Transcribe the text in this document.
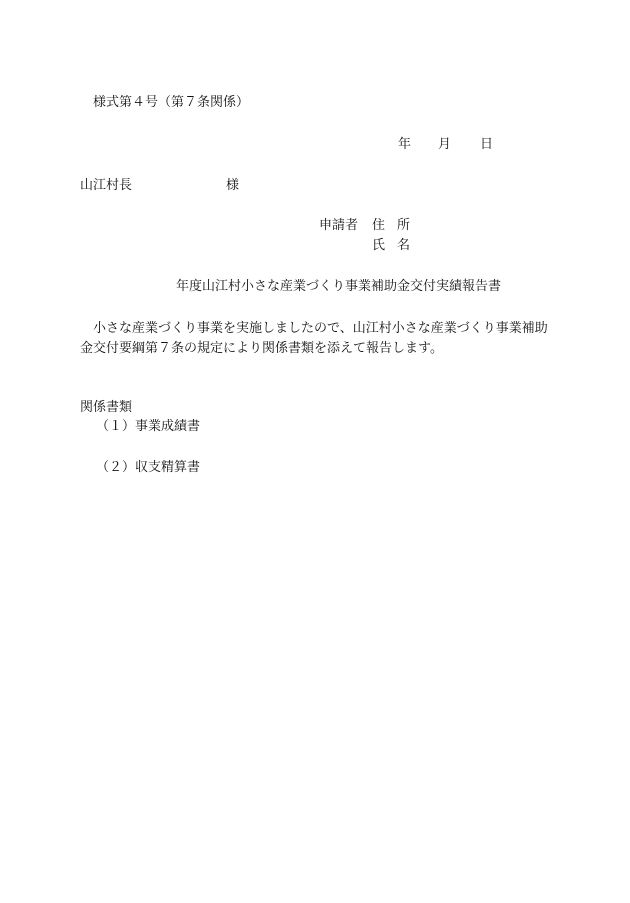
様式第４号（第７条関係）
年 月 日
山江村長	様
申請者 住所
氏名
年度山江村小さな産業づくり事業補助金交付実績報告書
小さな産業づくり事業を実施しましたので、山江村小さな産業づくり事業補助金交付要綱第７条の規定により関係書類を添えて報告します。
関係書類
（１）事業成績書
（２）収支精算書
